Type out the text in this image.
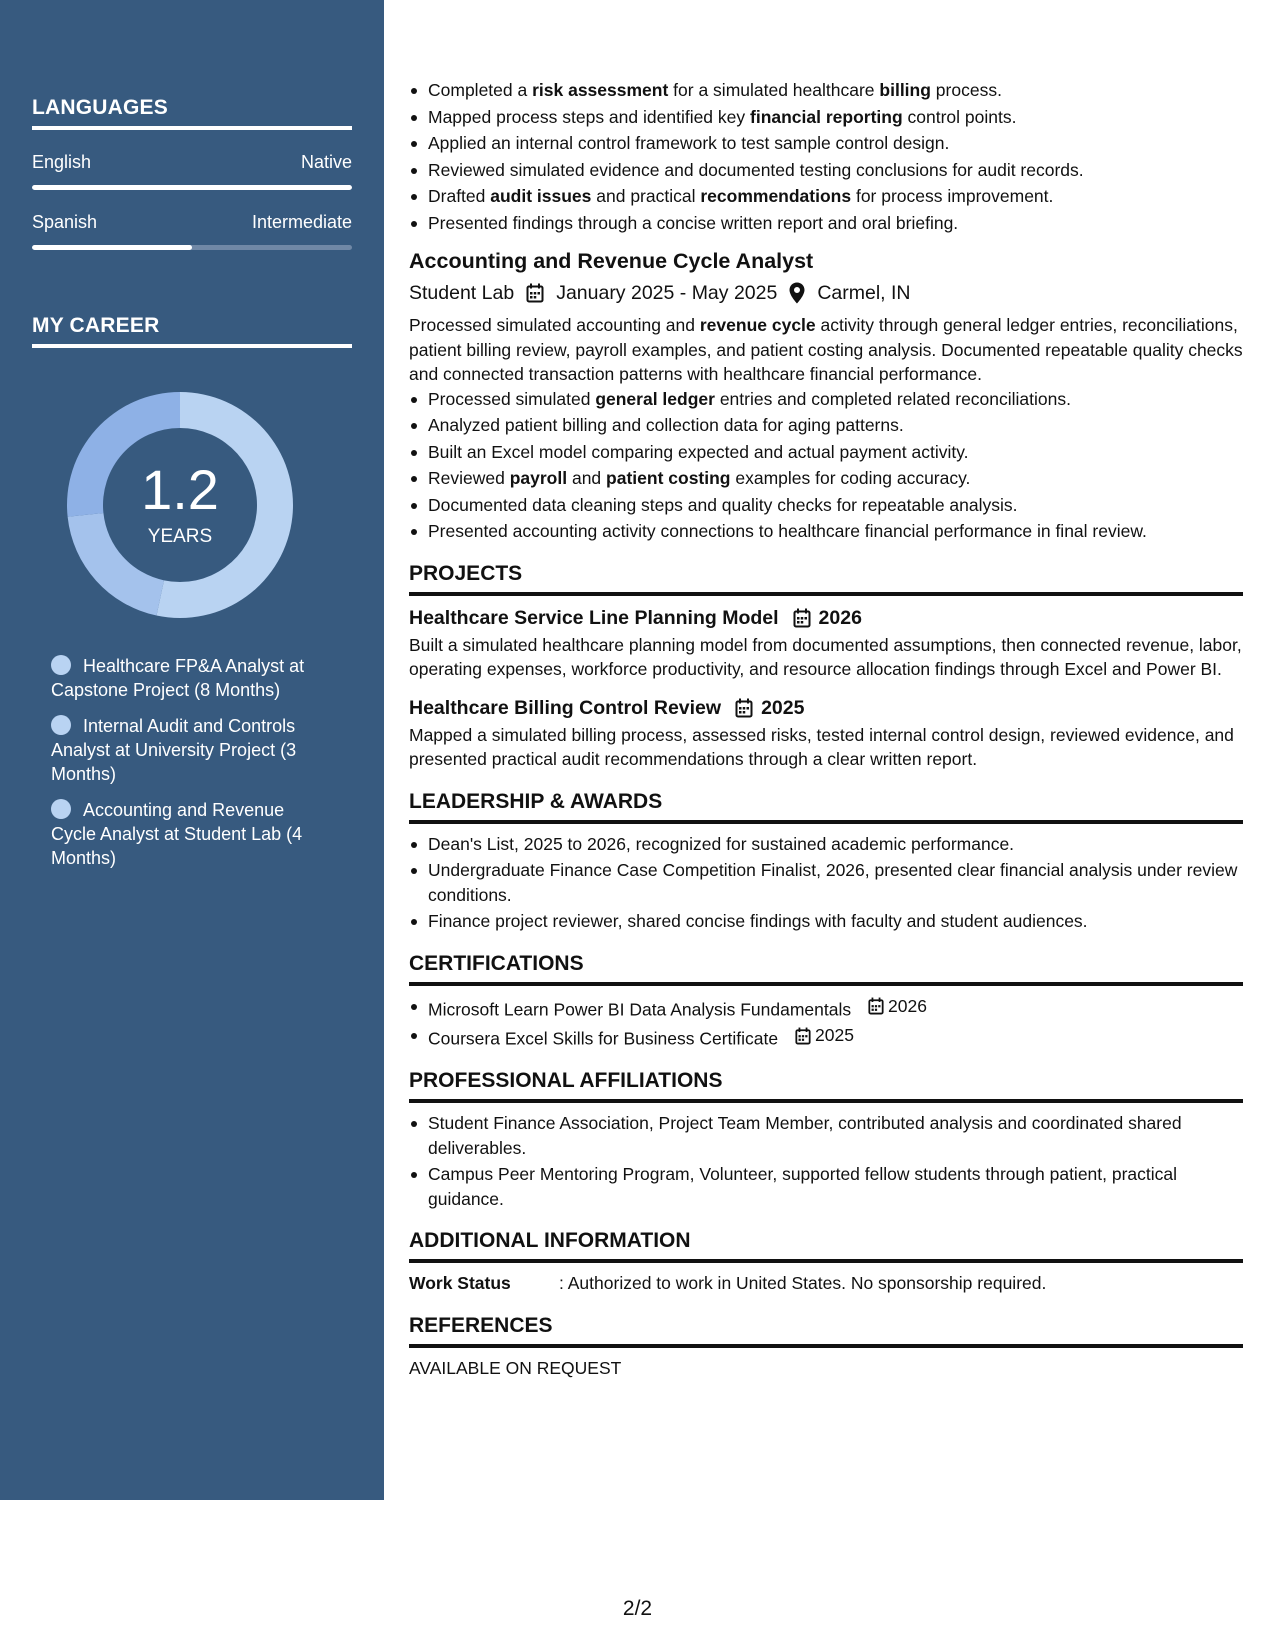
LANGUAGES
English	Native
Spanish	Intermediate
MY CAREER
1.2
YEARS
Healthcare FP&A Analyst at Capstone Project (8 Months)
Internal Audit and Controls Analyst at University Project (3 Months)
Accounting and Revenue Cycle Analyst at Student Lab (4 Months)
Completed a risk assessment for a simulated healthcare billing process.
Mapped process steps and identified key financial reporting control points.
Applied an internal control framework to test sample control design.
Reviewed simulated evidence and documented testing conclusions for audit records.
Drafted audit issues and practical recommendations for process improvement.
Presented findings through a concise written report and oral briefing.
Accounting and Revenue Cycle Analyst
Student Lab January 2025 - May 2025 Carmel, IN
Processed simulated accounting and revenue cycle activity through general ledger entries, reconciliations, patient billing review, payroll examples, and patient costing analysis. Documented repeatable quality checks and connected transaction patterns with healthcare financial performance.
Processed simulated general ledger entries and completed related reconciliations.
Analyzed patient billing and collection data for aging patterns.
Built an Excel model comparing expected and actual payment activity.
Reviewed payroll and patient costing examples for coding accuracy.
Documented data cleaning steps and quality checks for repeatable analysis.
Presented accounting activity connections to healthcare financial performance in final review.
PROJECTS
Healthcare Service Line Planning Model 2026
Built a simulated healthcare planning model from documented assumptions, then connected revenue, labor, operating expenses, workforce productivity, and resource allocation findings through Excel and Power BI.
Healthcare Billing Control Review 2025
Mapped a simulated billing process, assessed risks, tested internal control design, reviewed evidence, and presented practical audit recommendations through a clear written report.
LEADERSHIP & AWARDS
Dean's List, 2025 to 2026, recognized for sustained academic performance.
Undergraduate Finance Case Competition Finalist, 2026, presented clear financial analysis under review conditions.
Finance project reviewer, shared concise findings with faculty and student audiences.
CERTIFICATIONS
Microsoft Learn Power BI Data Analysis Fundamentals 2026
Coursera Excel Skills for Business Certificate 2025
PROFESSIONAL AFFILIATIONS
Student Finance Association, Project Team Member, contributed analysis and coordinated shared deliverables.
Campus Peer Mentoring Program, Volunteer, supported fellow students through patient, practical guidance.
ADDITIONAL INFORMATION
Work Status	: Authorized to work in United States. No sponsorship required.
REFERENCES
AVAILABLE ON REQUEST
2/2
